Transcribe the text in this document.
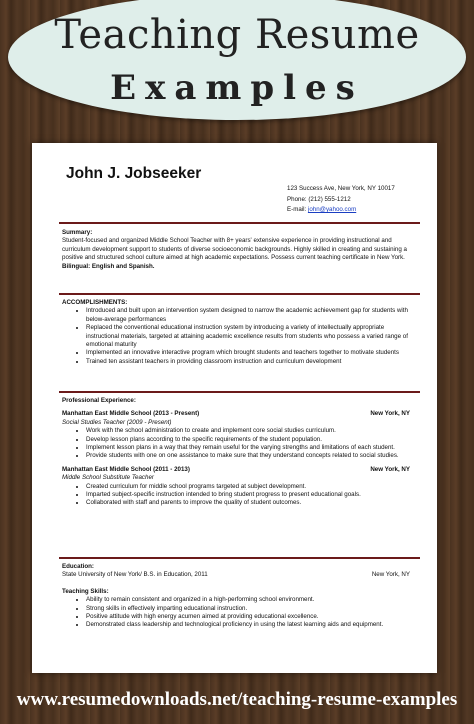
Teaching Resume
Examples
John J. Jobseeker
123 Success Ave, New York, NY 10017
Phone: (212) 555-1212
E-mail: john@yahoo.com
Summary:
Student-focused and organized Middle School Teacher with 8+ years' extensive experience in providing instructional and curriculum development support to students of diverse socioeconomic backgrounds. Highly skilled in creating and sustaining a positive and structured school culture aimed at high academic expectations. Possess current teaching certificate in New York.
Bilingual: English and Spanish.
ACCOMPLISHMENTS:
• Introduced and built upon an intervention system designed to narrow the academic achievement gap for students with below-average performances
• Replaced the conventional educational instruction system by introducing a variety of intellectually appropriate instructional materials, targeted at attaining academic excellence results from students who possess a varied range of emotional maturity
• Implemented an innovative interactive program which brought students and teachers together to motivate students
• Trained ten assistant teachers in providing classroom instruction and curriculum development
Professional Experience:
Manhattan East Middle School (2013 - Present)	New York, NY
Social Studies Teacher (2009 - Present)
• Work with the school administration to create and implement core social studies curriculum.
• Develop lesson plans according to the specific requirements of the student population.
• Implement lesson plans in a way that they remain useful for the varying strengths and limitations of each student.
• Provide students with one on one assistance to make sure that they understand concepts related to social studies.
Manhattan East Middle School (2011 - 2013)	New York, NY
Middle School Substitute Teacher
• Created curriculum for middle school programs targeted at subject development.
• Imparted subject-specific instruction intended to bring student progress to present educational goals.
• Collaborated with staff and parents to improve the quality of student outcomes.
Education:
State University of New York/ B.S. in Education, 2011	New York, NY
Teaching Skills:
• Ability to remain consistent and organized in a high-performing school environment.
• Strong skills in effectively imparting educational instruction.
• Positive attitude with high energy acumen aimed at providing educational excellence.
• Demonstrated class leadership and technological proficiency in using the latest learning aids and equipment.
www.resumedownloads.net/teaching-resume-examples
